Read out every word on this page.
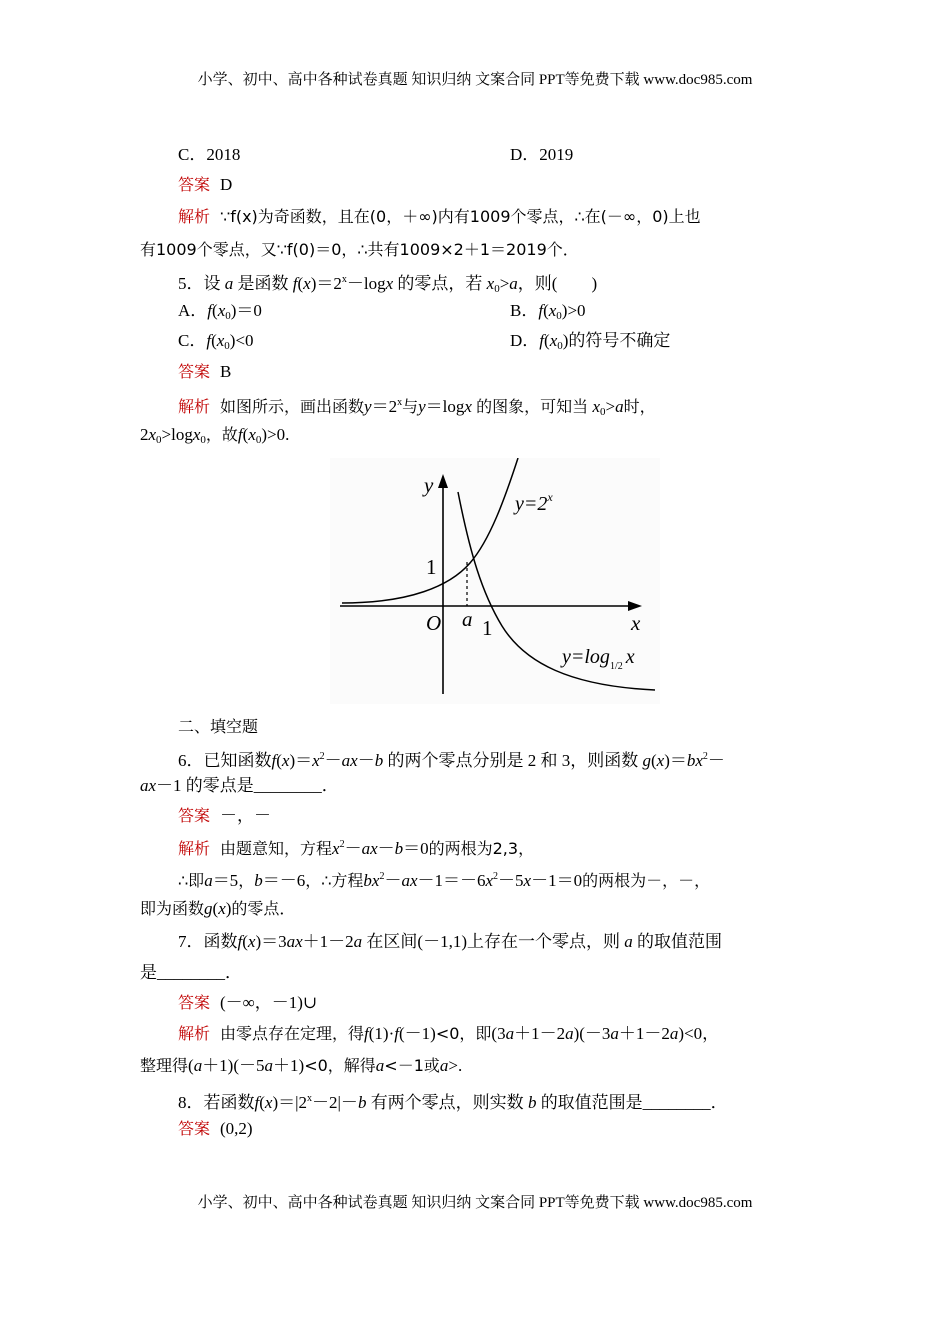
小学、初中、高中各种试卷真题 知识归纳 文案合同 PPT等免费下载 www.doc985.com
C．2018	D．2019
答案 D
解析 ∵f(x)为奇函数，且在(0，＋∞)内有1009个零点，∴在(－∞，0)上也
有1009个零点，又∵f(0)＝0，∴共有1009×2＋1＝2019个．
5．设 a 是函数 $f(x)=2^x-\log x$ 的零点，若 $x_0>a$，则(　　)
A．$f(x_0)=0$	B．$f(x_0)>0$
C．$f(x_0)<0$	D．$f(x_0)$的符号不确定
答案 B
解析 如图所示，画出函数$y=2^x$与y＝logx 的图象，可知当 $x_0>a$时，
$2x_0>\log x_0$，故$f(x_0)>0$.
y
x
O
1
1
a
$y=2^x$
$y=\log_{1/2}$ x
二、填空题
6．已知函数$f(x)=x^2-ax-b$ 的两个零点分别是 2 和 3，则函数 $g(x)=bx^2-$
ax－1 的零点是________．
答案 －，－
解析 由题意知，方程$x^2-ax-b=0$的两根为2,3，
∴即a＝5，b＝－6，∴方程$bx^2-ax-1=-6x^2-5x-1=0$的两根为－，－，
即为函数g(x)的零点．
7．函数f(x)＝3ax＋1－2a 在区间(－1,1)上存在一个零点，则 a 的取值范围
是________．
答案 (－∞，－1)∪
解析 由零点存在定理，得f(1)·f(－1)<0，即(3a＋1－2a)(－3a＋1－2a)<0，
整理得(a＋1)(－5a＋1)<0，解得a<－1或a>.
8．若函数$f(x)=|2^x-2|-b$ 有两个零点，则实数 b 的取值范围是________．
答案 (0,2)
小学、初中、高中各种试卷真题 知识归纳 文案合同 PPT等免费下载 www.doc985.com
